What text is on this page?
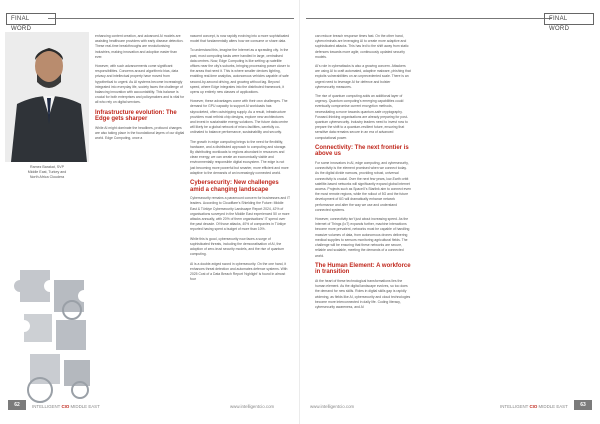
FINAL WORD
Ramez Barakat, SVP
Middle East, Turkey and
North Africa Cloudera

enhancing content creation, and advanced AI models are assisting healthcare providers with early disease detection. These real-time breakthroughs are revolutionising industries, making innovation and adoption easier than ever.

However, with such advancements come significant responsibilities. Concerns around algorithmic bias, data privacy and intellectual property have moved from hypothetical to urgent. As AI systems become increasingly integrated into everyday life, society faces the challenge of balancing innovation with accountability. This balance is crucial for both enterprises and policymakers and is vital for all who rely on digital services.

Infrastructure evolution: The Edge gets sharper

While AI might dominate the headlines, profound changes are also taking place in the foundational layers of our digital world. Edge Computing, once a

nascent concept, is now rapidly evolving into a more sophisticated model that fundamentally alters how we consume or share data.

To understand this, imagine the Internet as a sprawling city. In the past, most computing tasks were handled in large, centralised data centres. Now, Edge Computing is like setting up satellite offices near the city's suburbs, bringing processing power closer to the areas that need it. This is where smaller devices lighting, enabling real-time analytics, autonomous vehicles capable of safe second-by-second driving, and growing without lag. Beyond speed, where Edge integrates into the distributed framework, it opens up entirely new classes of applications.

However, these advantages come with their own challenges. The demand for GPU capacity to support AI workloads has skyrocketed, often outstripping supply. As a result, infrastructure providers must rethink chip designs, explore new architectures and invest in sustainable energy solutions. The future data centre will likely be a global network of micro-facilities, carefully co-ordinated to balance performance, sustainability and security.

The growth in edge computing brings to the need for flexibility, hardware, and a distributed approach to computing and storage. By distributing workloads to regions abundant in resources and clean energy, we can create an economically viable and environmentally responsible digital ecosystem. The edge is not just becoming more powerful but smarter, more efficient and more adaptive to the demands of an increasingly connected world.

Cybersecurity: New challenges amid a changing landscape

Cybersecurity remains a paramount concern for businesses and IT leaders. According to Cloudflare's Shielding the Future: Middle East & Türkiye Cybersecurity Landscape Report 2024, 42% of organisations surveyed in the Middle East experienced 50 or more attacks annually, with 20% of them organisations' IT spend over the past decade. Of those attacks, 40% of companies in Türkiye reported having spent a budget of more than 10%.

While this is good, cybersecurity now faces a surge of sophisticated threats, including the democratisation of AI, the adoption of zero-trust security models, and the rise of quantum computing.

AI is a double-edged sword in cybersecurity. On the one hand, it enhances threat detection and automates defence systems. With 2025 Cost of a Data Breach Report 'highlight' is found in almost four

62	INTELLIGENT CIO MIDDLE EAST	www.intelligentcio.com
FINAL WORD

can reduce breach response times fast. On the other hand, cybercriminals are leveraging AI to create more adaptive and sophisticated attacks. This has led to the shift away from static defences towards more agile, continuously updated security models.

AI's role in cyberattacks is also a growing concern. Attackers are using AI to craft automated, adaptive malware, phishing that exploits vulnerabilities on an unprecedented scale. There is an urgent need to leverage AI for defence and bolster cybersecurity measures.

The rise of quantum computing adds an additional layer of urgency. Quantum computing's emerging capabilities could eventually compromise current encryption methods, necessitating a move towards quantum-safe cryptography. Forward-thinking organisations are already preparing for post-quantum cybersecurity. Industry leaders need to invest now to prepare the shift to a quantum-resilient future, ensuring that sensitive data remains secure in an era of advanced computational power.

Connectivity: The next frontier is above us

For some innovators in AI, edge computing, and cybersecurity, connectivity is the element promised when we connect today. As the digital divide narrows, providing robust, universal connectivity is crucial. Over the next few years, low-Earth orbit satellite-based networks will significantly expand global internet access. Projects such as SpaceX's Starlink aim to connect even the most remote regions, while the rollout of 5G and the future development of 6G will dramatically enhance network performance and alter the way we use and understand connected systems.

However, connectivity isn't just about increasing speed. As the Internet of Things (IoT) expands further, machine interactions become more prevalent, networks must be capable of handling massive volumes of data, from autonomous drones delivering medical supplies to sensors monitoring agricultural fields. The challenge will be ensuring that these networks are secure, reliable and scalable, meeting the demands of a connected world.

The Human Element: A workforce in transition

At the heart of these technological transformations lies the human element. As the digital landscape evolves, so too does the demand for new skills. Roles in digital skills gap is rapidly widening, as fields like AI, cybersecurity and cloud technologies become more interconnected in daily life. Coding literacy, cybersecurity awareness, and AI

www.intelligentcio.com	INTELLIGENT CIO MIDDLE EAST	63
